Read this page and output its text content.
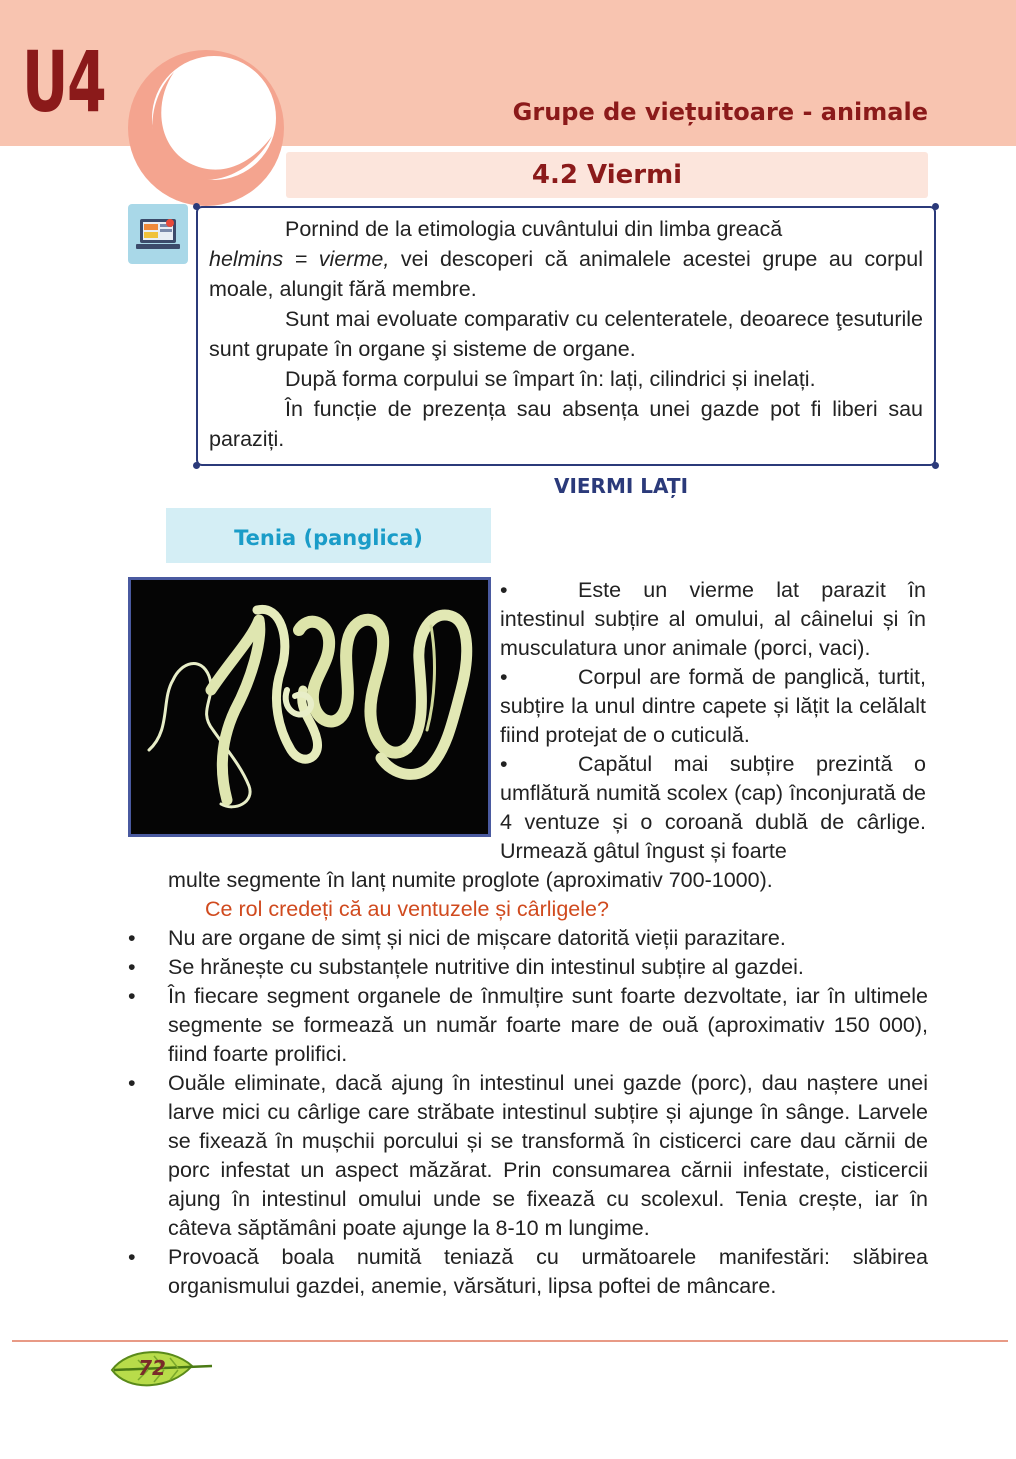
U4	Grupe de viețuitoare - animale
4.2 Viermi

Pornind de la etimologia cuvântului din limba greacă
helmins = vierme, vei descoperi că animalele acestei grupe au corpul moale, alungit fără membre.

Sunt mai evoluate comparativ cu celenteratele, deoarece ţesuturile sunt grupate în organe şi sisteme de organe.

După forma corpului se împart în: lați, cilindrici și inelați.

În funcție de prezența sau absența unei gazde pot fi liberi sau paraziți.

VIERMI LAȚI
Tenia (panglica)
•	Este un vierme lat parazit în intestinul subțire al omului, al câinelui și în musculatura unor animale (porci, vaci).
•	Corpul are formă de panglică, turtit, subțire la unul dintre capete și lățit la celălalt fiind protejat de o cuticulă.
•	Capătul mai subțire prezintă o umflătură numită scolex (cap) înconjurată de 4 ventuze și o coroană dublă de cârlige. Urmează gâtul îngust și foarte
multe segmente în lanț numite proglote (aproximativ 700-1000).
Ce rol credeți că au ventuzele și cârligele?
• Nu are organe de simț și nici de mișcare datorită vieții parazitare.
• Se hrănește cu substanțele nutritive din intestinul subțire al gazdei.
• În fiecare segment organele de înmulțire sunt foarte dezvoltate, iar în ultimele segmente se formează un număr foarte mare de ouă (aproximativ 150 000), fiind foarte prolifici.
• Ouăle eliminate, dacă ajung în intestinul unei gazde (porc), dau naștere unei larve mici cu cârlige care străbate intestinul subțire și ajunge în sânge. Larvele se fixează în mușchii porcului și se transformă în cisticerci care dau cărnii de porc infestat un aspect măzărat. Prin consumarea cărnii infestate, cisticercii ajung în intestinul omului unde se fixează cu scolexul. Tenia crește, iar în câteva săptămâni poate ajunge la 8-10 m lungime.
• Provoacă boala numită teniază cu următoarele manifestări: slăbirea organismului gazdei, anemie, vărsături, lipsa poftei de mâncare.
72
